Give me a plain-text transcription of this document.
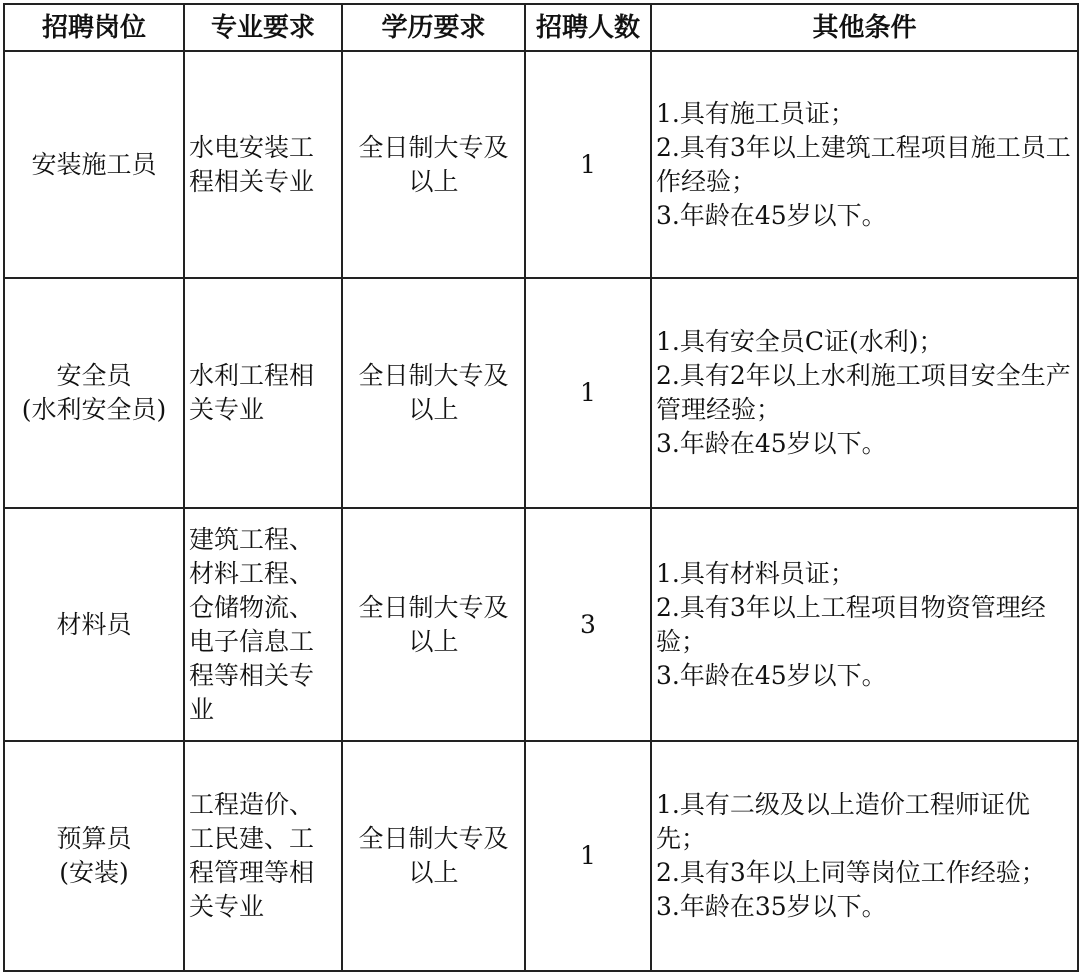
招聘岗位	专业要求	学历要求	招聘人数	其他条件

安装施工员	水电安装工程相关专业	全日制大专及以上	1	1.具有施工员证；
2.具有3年以上建筑工程项目施工员工作经验；
3.年龄在45岁以下。

安全员
(水利安全员)	水利工程相关专业	全日制大专及以上	1	1.具有安全员C证(水利)；
2.具有2年以上水利施工项目安全生产管理经验；
3.年龄在45岁以下。

材料员	建筑工程、材料工程、仓储物流、电子信息工程等相关专业	全日制大专及以上	3	1.具有材料员证；
2.具有3年以上工程项目物资管理经验；
3.年龄在45岁以下。

预算员
(安装)	工程造价、工民建、工程管理等相关专业	全日制大专及以上	1	1.具有二级及以上造价工程师证优先；
2.具有3年以上同等岗位工作经验；
3.年龄在35岁以下。
